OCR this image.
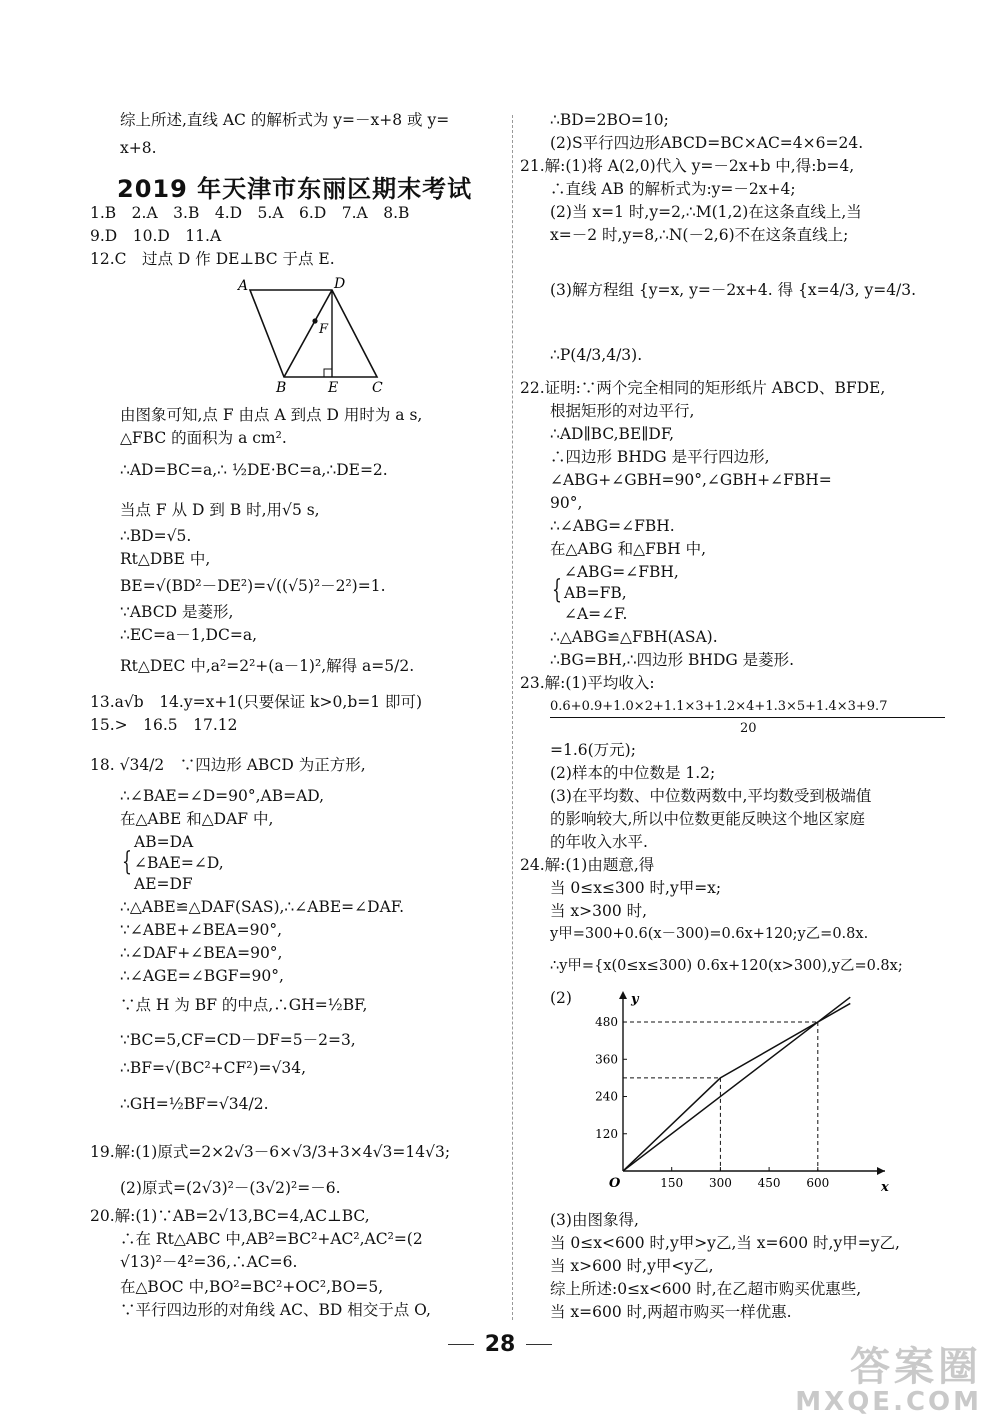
综上所述,直线 AC 的解析式为 y=－x+8 或 y=
x+8.
2019 年天津市东丽区期末考试
1.B　2.A　3.B　4.D　5.A　6.D　7.A　8.B
9.D　10.D　11.A
12.C　过点 D 作 DE⊥BC 于点 E.
A	D
F
B	E C
由图象可知,点 F 由点 A 到点 D 用时为 a s,
△FBC 的面积为 a cm².
∴AD=BC=a,∴ ½DE·BC=a,∴DE=2.
当点 F 从 D 到 B 时,用√5 s,
∴BD=√5.
Rt△DBE 中,
BE=√(BD²－DE²)=√((√5)²－2²)=1.
∵ABCD 是菱形,
∴EC=a－1,DC=a,
Rt△DEC 中,a²=2²+(a－1)²,解得 a=5/2.
13.a√b　14.y=x+1(只要保证 k>0,b=1 即可)
15.>　16.5　17.12
18. √34/2　∵四边形 ABCD 为正方形,
∴∠BAE=∠D=90°,AB=AD,
在△ABE 和△DAF 中,
{
AB=DA
∠BAE=∠D,
AE=DF
∴△ABE≌△DAF(SAS),∴∠ABE=∠DAF.
∵∠ABE+∠BEA=90°,
∴∠DAF+∠BEA=90°,
∴∠AGE=∠BGF=90°,
∵点 H 为 BF 的中点,∴GH=½BF,
∵BC=5,CF=CD－DF=5－2=3,
∴BF=√(BC²+CF²)=√34,
∴GH=½BF=√34/2.
19.解:(1)原式=2×2√3－6×√3/3+3×4√3=14√3;
(2)原式=(2√3)²－(3√2)²=－6.
20.解:(1)∵AB=2√13,BC=4,AC⊥BC,
∴在 Rt△ABC 中,AB²=BC²+AC²,AC²=(2
√13)²－4²=36,∴AC=6.
在△BOC 中,BO²=BC²+OC²,BO=5,
∵平行四边形的对角线 AC、BD 相交于点 O,
∴BD=2BO=10;
(2)S平行四边形ABCD=BC×AC=4×6=24.
21.解:(1)将 A(2,0)代入 y=－2x+b 中,得:b=4,
∴直线 AB 的解析式为:y=－2x+4;
(2)当 x=1 时,y=2,∴M(1,2)在这条直线上,当
x=－2 时,y=8,∴N(－2,6)不在这条直线上;
(3)解方程组 {y=x, y=－2x+4. 得 {x=4/3, y=4/3.
∴P(4/3,4/3).
22.证明:∵两个完全相同的矩形纸片 ABCD、BFDE,
根据矩形的对边平行,
∴AD∥BC,BE∥DF,
∴四边形 BHDG 是平行四边形,
∠ABG+∠GBH=90°,∠GBH+∠FBH=
90°,
∴∠ABG=∠FBH.
在△ABG 和△FBH 中,
{
∠ABG=∠FBH,
AB=FB,
∠A=∠F.
∴△ABG≌△FBH(ASA).
∴BG=BH,∴四边形 BHDG 是菱形.
23.解:(1)平均收入:
0.6+0.9+1.0×2+1.1×3+1.2×4+1.3×5+1.4×3+9.7
20
=1.6(万元);
(2)样本的中位数是 1.2;
(3)在平均数、中位数两数中,平均数受到极端值
的影响较大,所以中位数更能反映这个地区家庭
的年收入水平.
24.解:(1)由题意,得
当 0≤x≤300 时,y甲=x;
当 x>300 时,
y甲=300+0.6(x－300)=0.6x+120;y乙=0.8x.
∴y甲={x(0≤x≤300) 0.6x+120(x>300),y乙=0.8x;
(2)
x
y
O	150 300 450 600
120
240
360
480
(3)由图象得,
当 0≤x<600 时,y甲>y乙,当 x=600 时,y甲=y乙,
当 x>600 时,y甲<y乙,
综上所述:0≤x<600 时,在乙超市购买优惠些,
当 x=600 时,两超市购买一样优惠.
28	答案圈
MXQE.COM
